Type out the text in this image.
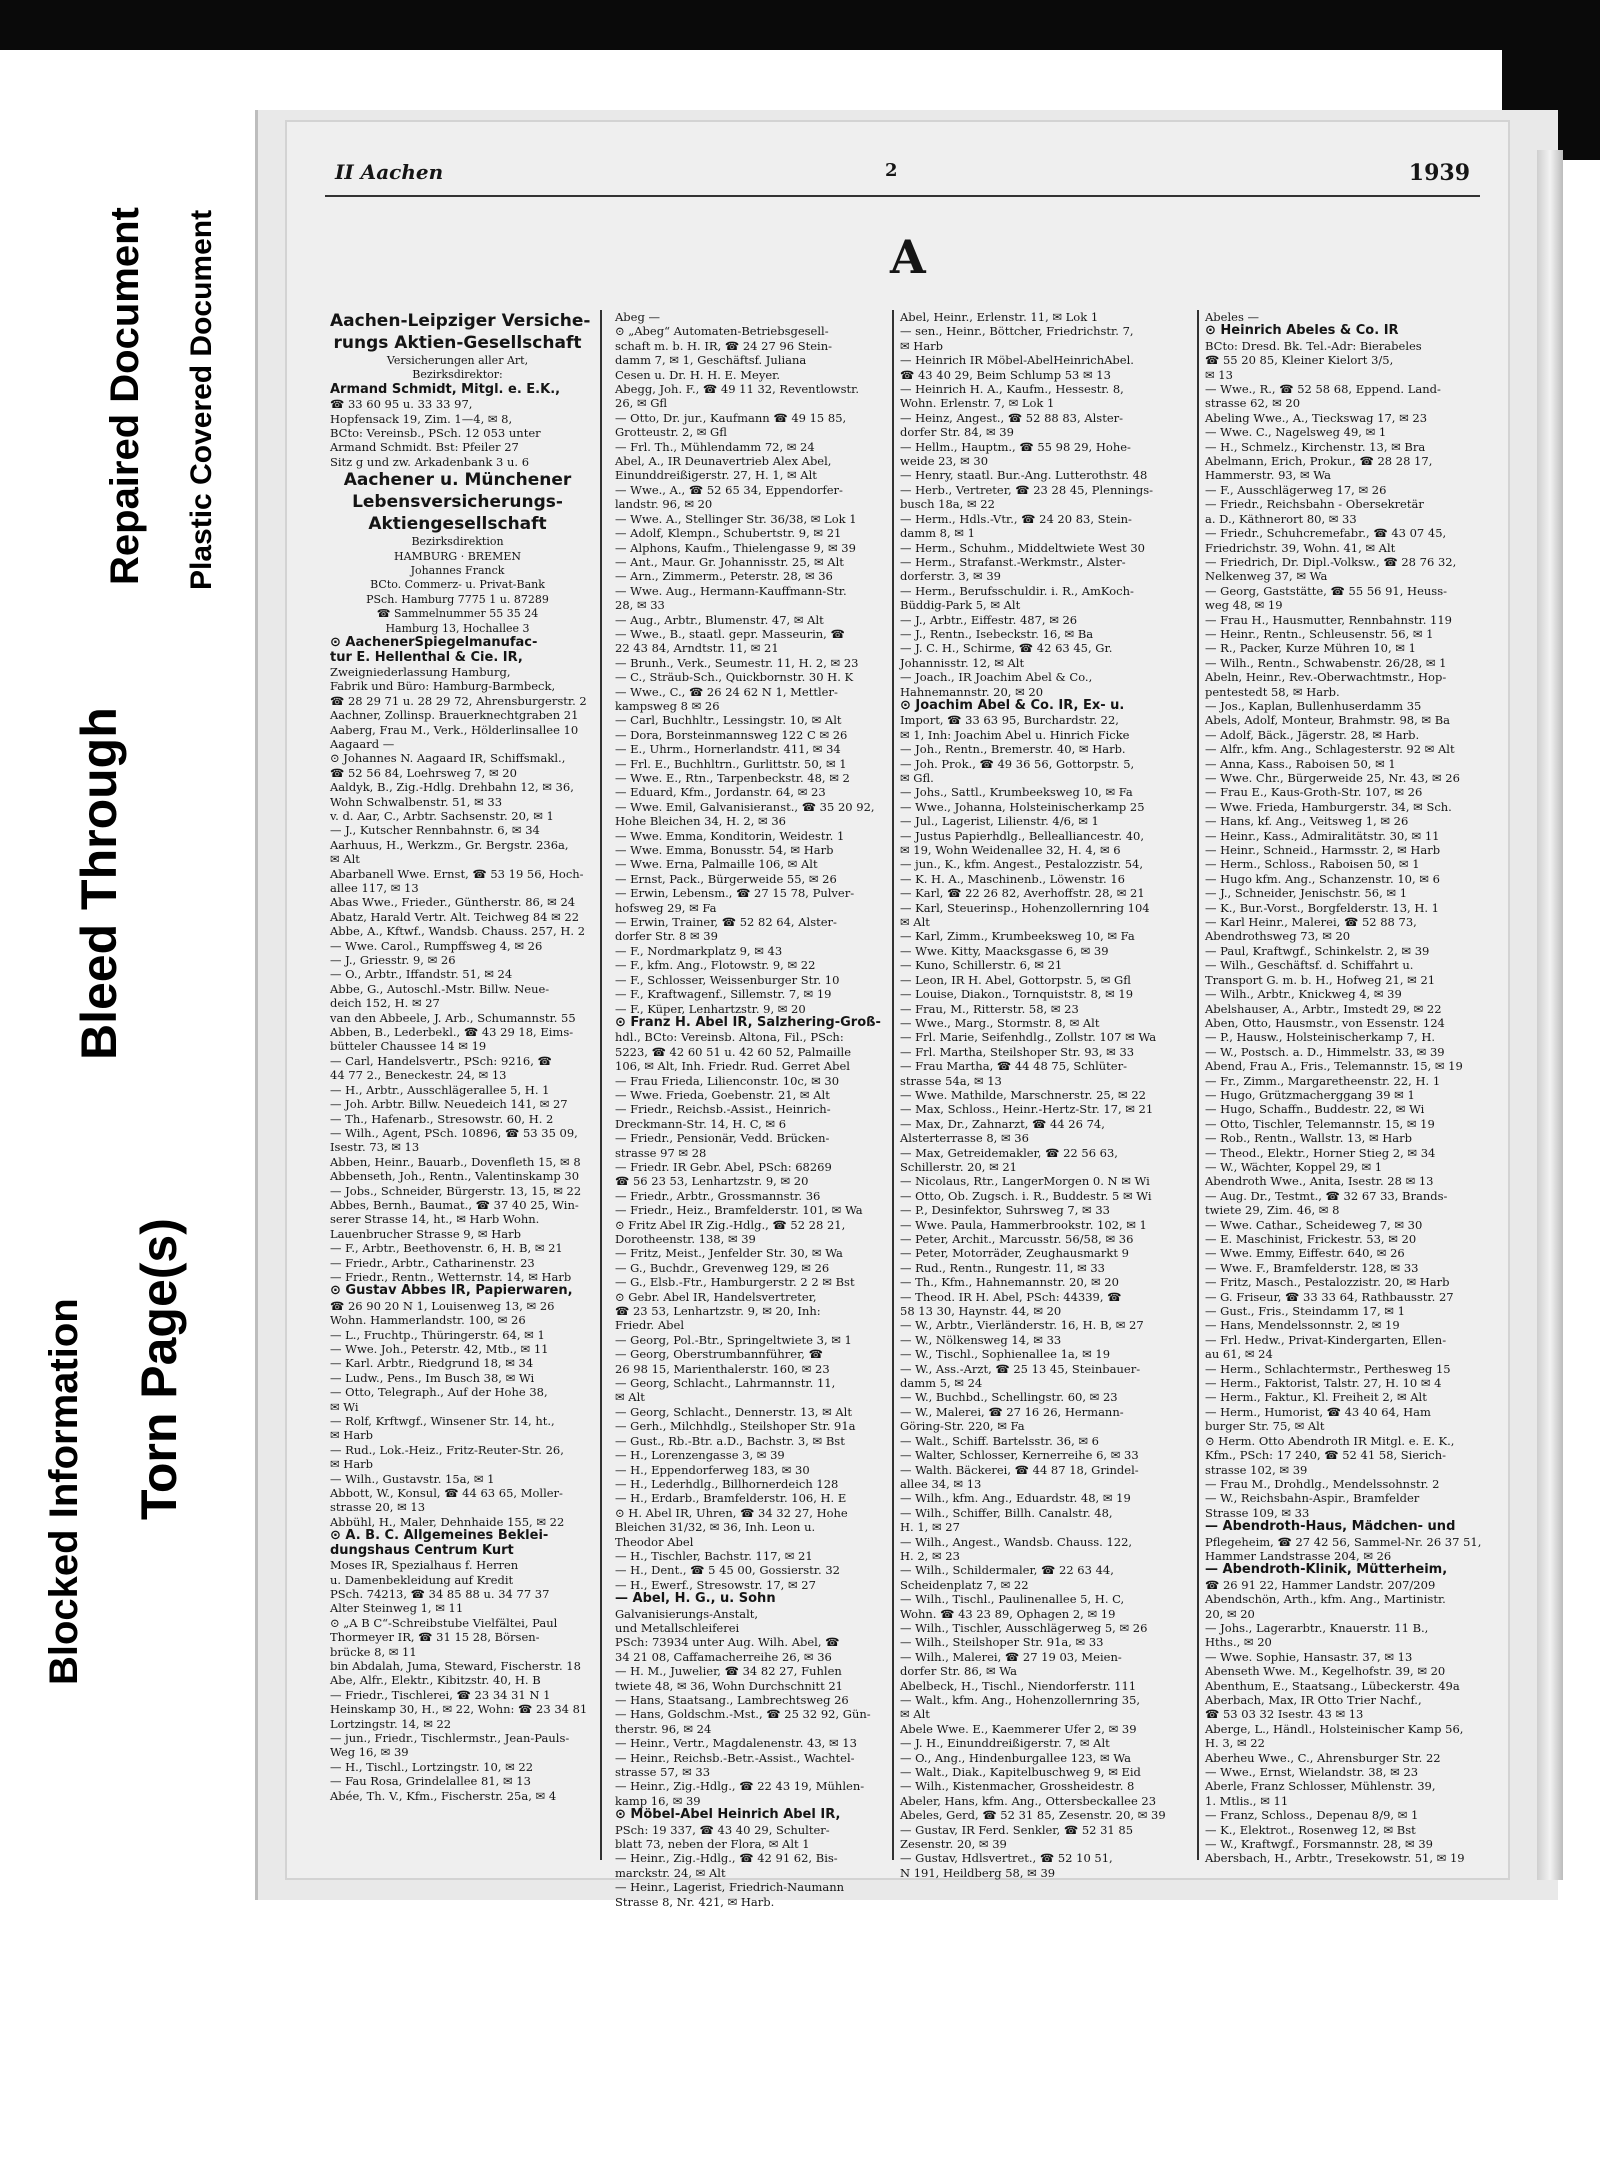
Blocked Information Torn Page(s)
Bleed Through
Repaired Document Plastic Covered Document
II Aachen	2	1939
A
Aachen-Leipziger Versiche-
rungs Aktien-Gesellschaft
Versicherungen aller Art,
Bezirksdirektor:
Armand Schmidt, Mitgl. e. E.K.,
☎ 33 60 95 u. 33 33 97,
Hopfensack 19, Zim. 1—4, ✉ 8,
BCto: Vereinsb., PSch. 12 053 unter
Armand Schmidt. Bst: Pfeiler 27
Sitz g und zw. Arkadenbank 3 u. 6
Aachener u. Münchener
Lebensversicherungs-
Aktiengesellschaft
Bezirksdirektion
HAMBURG · BREMEN
Johannes Franck
BCto. Commerz- u. Privat-Bank
PSch. Hamburg 7775 1 u. 87289
☎ Sammelnummer 55 35 24
Hamburg 13, Hochallee 3
⊙ AachenerSpiegelmanufac-
tur E. Hellenthal & Cie. IR,
Zweigniederlassung Hamburg,
Fabrik und Büro: Hamburg-Barmbeck,
☎ 28 29 71 u. 28 29 72, Ahrensburgerstr. 2
Aachner, Zollinsp. Brauerknechtgraben 21
Aaberg, Frau M., Verk., Hölderlinsallee 10
Aagaard —
⊙ Johannes N. Aagaard IR, Schiffsmakl.,
☎ 52 56 84, Loehrsweg 7, ✉ 20
Aaldyk, B., Zig.-Hdlg. Drehbahn 12, ✉ 36,
Wohn Schwalbenstr. 51, ✉ 33
v. d. Aar, C., Arbtr. Sachsenstr. 20, ✉ 1
— J., Kutscher Rennbahnstr. 6, ✉ 34
Aarhuus, H., Werkzm., Gr. Bergstr. 236a,
✉ Alt
Abarbanell Wwe. Ernst, ☎ 53 19 56, Hoch-
allee 117, ✉ 13
Abas Wwe., Frieder., Güntherstr. 86, ✉ 24
Abatz, Harald Vertr. Alt. Teichweg 84 ✉ 22
Abbe, A., Kftwf., Wandsb. Chauss. 257, H. 2
— Wwe. Carol., Rumpffsweg 4, ✉ 26
— J., Griesstr. 9, ✉ 26
— O., Arbtr., Iffandstr. 51, ✉ 24
Abbe, G., Autoschl.-Mstr. Billw. Neue-
deich 152, H. ✉ 27
van den Abbeele, J. Arb., Schumannstr. 55
Abben, B., Lederbekl., ☎ 43 29 18, Eims-
bütteler Chaussee 14 ✉ 19
— Carl, Handelsvertr., PSch: 9216, ☎
44 77 2., Beneckestr. 24, ✉ 13
— H., Arbtr., Ausschlägerallee 5, H. 1
— Joh. Arbtr. Billw. Neuedeich 141, ✉ 27
— Th., Hafenarb., Stresowstr. 60, H. 2
— Wilh., Agent, PSch. 10896, ☎ 53 35 09,
Isestr. 73, ✉ 13
Abben, Heinr., Bauarb., Dovenfleth 15, ✉ 8
Abbenseth, Joh., Rentn., Valentinskamp 30
— Jobs., Schneider, Bürgerstr. 13, 15, ✉ 22
Abbes, Bernh., Baumat., ☎ 37 40 25, Win-
serer Strasse 14, ht., ✉ Harb Wohn.
Lauenbrucher Strasse 9, ✉ Harb
— F., Arbtr., Beethovenstr. 6, H. B, ✉ 21
— Friedr., Arbtr., Catharinenstr. 23
— Friedr., Rentn., Wetternstr. 14, ✉ Harb
⊙ Gustav Abbes IR, Papierwaren,
☎ 26 90 20 N 1, Louisenweg 13, ✉ 26
Wohn. Hammerlandstr. 100, ✉ 26
— L., Fruchtp., Thüringerstr. 64, ✉ 1
— Wwe. Joh., Peterstr. 42, Mtb., ✉ 11
— Karl. Arbtr., Riedgrund 18, ✉ 34
— Ludw., Pens., Im Busch 38, ✉ Wi
— Otto, Telegraph., Auf der Hohe 38,
✉ Wi
— Rolf, Krftwgf., Winsener Str. 14, ht.,
✉ Harb
— Rud., Lok.-Heiz., Fritz-Reuter-Str. 26,
✉ Harb
— Wilh., Gustavstr. 15a, ✉ 1
Abbott, W., Konsul, ☎ 44 63 65, Moller-
strasse 20, ✉ 13
Abbühl, H., Maler, Dehnhaide 155, ✉ 22
⊙ A. B. C. Allgemeines Beklei-
dungshaus Centrum Kurt
Moses IR, Spezialhaus f. Herren
u. Damenbekleidung auf Kredit
PSch. 74213, ☎ 34 85 88 u. 34 77 37
Alter Steinweg 1, ✉ 11
⊙ „A B C“-Schreibstube Vielfältei, Paul
Thormeyer IR, ☎ 31 15 28, Börsen-
brücke 8, ✉ 11
bin Abdalah, Juma, Steward, Fischerstr. 18
Abe, Alfr., Elektr., Kibitzstr. 40, H. B
— Friedr., Tischlerei, ☎ 23 34 31 N 1
Heinskamp 30, H., ✉ 22, Wohn: ☎ 23 34 81
Lortzingstr. 14, ✉ 22
— jun., Friedr., Tischlermstr., Jean-Pauls-
Weg 16, ✉ 39
— H., Tischl., Lortzingstr. 10, ✉ 22
— Fau Rosa, Grindelallee 81, ✉ 13
Abée, Th. V., Kfm., Fischerstr. 25a, ✉ 4
Abeg —
⊙ „Abeg“ Automaten-Betriebsgesell-
schaft m. b. H. IR, ☎ 24 27 96 Stein-
damm 7, ✉ 1, Geschäftsf. Juliana
Cesen u. Dr. H. H. E. Meyer.
Abegg, Joh. F., ☎ 49 11 32, Reventlowstr.
26, ✉ Gfl
— Otto, Dr. jur., Kaufmann ☎ 49 15 85,
Grotteustr. 2, ✉ Gfl
— Frl. Th., Mühlendamm 72, ✉ 24
Abel, A., IR Deunavertrieb Alex Abel,
Einunddreißigerstr. 27, H. 1, ✉ Alt
— Wwe., A., ☎ 52 65 34, Eppendorfer-
landstr. 96, ✉ 20
— Wwe. A., Stellinger Str. 36/38, ✉ Lok 1
— Adolf, Klempn., Schubertstr. 9, ✉ 21
— Alphons, Kaufm., Thielengasse 9, ✉ 39
— Ant., Maur. Gr. Johannisstr. 25, ✉ Alt
— Arn., Zimmerm., Peterstr. 28, ✉ 36
— Wwe. Aug., Hermann-Kauffmann-Str.
28, ✉ 33
— Aug., Arbtr., Blumenstr. 47, ✉ Alt
— Wwe., B., staatl. gepr. Masseurin, ☎
22 43 84, Arndtstr. 11, ✉ 21
— Brunh., Verk., Seumestr. 11, H. 2, ✉ 23
— C., Sträub-Sch., Quickbornstr. 30 H. K
— Wwe., C., ☎ 26 24 62 N 1, Mettler-
kampsweg 8 ✉ 26
— Carl, Buchhltr., Lessingstr. 10, ✉ Alt
— Dora, Borsteinmannsweg 122 C ✉ 26
— E., Uhrm., Hornerlandstr. 411, ✉ 34
— Frl. E., Buchhltrn., Gurlittstr. 50, ✉ 1
— Wwe. E., Rtn., Tarpenbeckstr. 48, ✉ 2
— Eduard, Kfm., Jordanstr. 64, ✉ 23
— Wwe. Emil, Galvanisieranst., ☎ 35 20 92,
Hohe Bleichen 34, H. 2, ✉ 36
— Wwe. Emma, Konditorin, Weidestr. 1
— Wwe. Emma, Bonusstr. 54, ✉ Harb
— Wwe. Erna, Palmaille 106, ✉ Alt
— Ernst, Pack., Bürgerweide 55, ✉ 26
— Erwin, Lebensm., ☎ 27 15 78, Pulver-
hofsweg 29, ✉ Fa
— Erwin, Trainer, ☎ 52 82 64, Alster-
dorfer Str. 8 ✉ 39
— F., Nordmarkplatz 9, ✉ 43
— F., kfm. Ang., Flotowstr. 9, ✉ 22
— F., Schlosser, Weissenburger Str. 10
— F., Kraftwagenf., Sillemstr. 7, ✉ 19
— F., Küper, Lenhartzstr. 9, ✉ 20
⊙ Franz H. Abel IR, Salzhering-Groß-
hdl., BCto: Vereinsb. Altona, Fil., PSch:
5223, ☎ 42 60 51 u. 42 60 52, Palmaille
106, ✉ Alt, Inh. Friedr. Rud. Gerret Abel
— Frau Frieda, Lilienconstr. 10c, ✉ 30
— Wwe. Frieda, Goebenstr. 21, ✉ Alt
— Friedr., Reichsb.-Assist., Heinrich-
Dreckmann-Str. 14, H. C, ✉ 6
— Friedr., Pensionär, Vedd. Brücken-
strasse 97 ✉ 28
— Friedr. IR Gebr. Abel, PSch: 68269
☎ 56 23 53, Lenhartzstr. 9, ✉ 20
— Friedr., Arbtr., Grossmannstr. 36
— Friedr., Heiz., Bramfelderstr. 101, ✉ Wa
⊙ Fritz Abel IR Zig.-Hdlg., ☎ 52 28 21,
Dorotheenstr. 138, ✉ 39
— Fritz, Meist., Jenfelder Str. 30, ✉ Wa
— G., Buchdr., Grevenweg 129, ✉ 26
— G., Elsb.-Ftr., Hamburgerstr. 2 2 ✉ Bst
⊙ Gebr. Abel IR, Handelsvertreter,
☎ 23 53, Lenhartzstr. 9, ✉ 20, Inh:
Friedr. Abel
— Georg, Pol.-Btr., Springeltwiete 3, ✉ 1
— Georg, Oberstrumbannführer, ☎
26 98 15, Marienthalerstr. 160, ✉ 23
— Georg, Schlacht., Lahrmannstr. 11,
✉ Alt
— Georg, Schlacht., Dennerstr. 13, ✉ Alt
— Gerh., Milchhdlg., Steilshoper Str. 91a
— Gust., Rb.-Btr. a.D., Bachstr. 3, ✉ Bst
— H., Lorenzengasse 3, ✉ 39
— H., Eppendorferweg 183, ✉ 30
— H., Lederhdlg., Billhornerdeich 128
— H., Erdarb., Bramfelderstr. 106, H. E
⊙ H. Abel IR, Uhren, ☎ 34 32 27, Hohe
Bleichen 31/32, ✉ 36, Inh. Leon u.
Theodor Abel
— H., Tischler, Bachstr. 117, ✉ 21
— H., Dent., ☎ 5 45 00, Gossierstr. 32
— H., Ewerf., Stresowstr. 17, ✉ 27
— Abel, H. G., u. Sohn
Galvanisierungs-Anstalt,
und Metallschleiferei
PSch: 73934 unter Aug. Wilh. Abel, ☎
34 21 08, Caffamacherreihe 26, ✉ 36
— H. M., Juwelier, ☎ 34 82 27, Fuhlen
twiete 48, ✉ 36, Wohn Durchschnitt 21
— Hans, Staatsang., Lambrechtsweg 26
— Hans, Goldschm.-Mst., ☎ 25 32 92, Gün-
therstr. 96, ✉ 24
— Heinr., Vertr., Magdalenenstr. 43, ✉ 13
— Heinr., Reichsb.-Betr.-Assist., Wachtel-
strasse 57, ✉ 33
— Heinr., Zig.-Hdlg., ☎ 22 43 19, Mühlen-
kamp 16, ✉ 39
⊙ Möbel-Abel Heinrich Abel IR,
PSch: 19 337, ☎ 43 40 29, Schulter-
blatt 73, neben der Flora, ✉ Alt 1
— Heinr., Zig.-Hdlg., ☎ 42 91 62, Bis-
marckstr. 24, ✉ Alt
— Heinr., Lagerist, Friedrich-Naumann
Strasse 8, Nr. 421, ✉ Harb.
Abel, Heinr., Erlenstr. 11, ✉ Lok 1
— sen., Heinr., Böttcher, Friedrichstr. 7,
✉ Harb
— Heinrich IR Möbel-AbelHeinrichAbel.
☎ 43 40 29, Beim Schlump 53 ✉ 13
— Heinrich H. A., Kaufm., Hessestr. 8,
Wohn. Erlenstr. 7, ✉ Lok 1
— Heinz, Angest., ☎ 52 88 83, Alster-
dorfer Str. 84, ✉ 39
— Hellm., Hauptm., ☎ 55 98 29, Hohe-
weide 23, ✉ 30
— Henry, staatl. Bur.-Ang. Lutterothstr. 48
— Herb., Vertreter, ☎ 23 28 45, Plennings-
busch 18a, ✉ 22
— Herm., Hdls.-Vtr., ☎ 24 20 83, Stein-
damm 8, ✉ 1
— Herm., Schuhm., Middeltwiete West 30
— Herm., Strafanst.-Werkmstr., Alster-
dorferstr. 3, ✉ 39
— Herm., Berufsschuldir. i. R., AmKoch-
Büddig-Park 5, ✉ Alt
— J., Arbtr., Eiffestr. 487, ✉ 26
— J., Rentn., Isebeckstr. 16, ✉ Ba
— J. C. H., Schirme, ☎ 42 63 45, Gr.
Johannisstr. 12, ✉ Alt
— Joach., IR Joachim Abel & Co.,
Hahnemannstr. 20, ✉ 20
⊙ Joachim Abel & Co. IR, Ex- u.
Import, ☎ 33 63 95, Burchardstr. 22,
✉ 1, Inh: Joachim Abel u. Hinrich Ficke
— Joh., Rentn., Bremerstr. 40, ✉ Harb.
— Joh. Prok., ☎ 49 36 56, Gottorpstr. 5,
✉ Gfl.
— Johs., Sattl., Krumbeeksweg 10, ✉ Fa
— Wwe., Johanna, Holsteinischerkamp 25
— Jul., Lagerist, Lilienstr. 4/6, ✉ 1
— Justus Papierhdlg., Bellealliancestr. 40,
✉ 19, Wohn Weidenallee 32, H. 4, ✉ 6
— jun., K., kfm. Angest., Pestalozzistr. 54,
— K. H. A., Maschinenb., Löwenstr. 16
— Karl, ☎ 22 26 82, Averhoffstr. 28, ✉ 21
— Karl, Steuerinsp., Hohenzollernring 104
✉ Alt
— Karl, Zimm., Krumbeeksweg 10, ✉ Fa
— Wwe. Kitty, Maacksgasse 6, ✉ 39
— Kuno, Schillerstr. 6, ✉ 21
— Leon, IR H. Abel, Gottorpstr. 5, ✉ Gfl
— Louise, Diakon., Tornquiststr. 8, ✉ 19
— Frau, M., Ritterstr. 58, ✉ 23
— Wwe., Marg., Stormstr. 8, ✉ Alt
— Frl. Marie, Seifenhdlg., Zollstr. 107 ✉ Wa
— Frl. Martha, Steilshoper Str. 93, ✉ 33
— Frau Martha, ☎ 44 48 75, Schlüter-
strasse 54a, ✉ 13
— Wwe. Mathilde, Marschnerstr. 25, ✉ 22
— Max, Schloss., Heinr.-Hertz-Str. 17, ✉ 21
— Max, Dr., Zahnarzt, ☎ 44 26 74,
Alsterterrasse 8, ✉ 36
— Max, Getreidemakler, ☎ 22 56 63,
Schillerstr. 20, ✉ 21
— Nicolaus, Rtr., LangerMorgen 0. N ✉ Wi
— Otto, Ob. Zugsch. i. R., Buddestr. 5 ✉ Wi
— P., Desinfektor, Suhrsweg 7, ✉ 33
— Wwe. Paula, Hammerbrookstr. 102, ✉ 1
— Peter, Archit., Marcusstr. 56/58, ✉ 36
— Peter, Motorräder, Zeughausmarkt 9
— Rud., Rentn., Rungestr. 11, ✉ 33
— Th., Kfm., Hahnemannstr. 20, ✉ 20
— Theod. IR H. Abel, PSch: 44339, ☎
58 13 30, Haynstr. 44, ✉ 20
— W., Arbtr., Vierländerstr. 16, H. B, ✉ 27
— W., Nölkensweg 14, ✉ 33
— W., Tischl., Sophienallee 1a, ✉ 19
— W., Ass.-Arzt, ☎ 25 13 45, Steinbauer-
damm 5, ✉ 24
— W., Buchbd., Schellingstr. 60, ✉ 23
— W., Malerei, ☎ 27 16 26, Hermann-
Göring-Str. 220, ✉ Fa
— Walt., Schiff. Bartelsstr. 36, ✉ 6
— Walter, Schlosser, Kernerreihe 6, ✉ 33
— Walth. Bäckerei, ☎ 44 87 18, Grindel-
allee 34, ✉ 13
— Wilh., kfm. Ang., Eduardstr. 48, ✉ 19
— Wilh., Schiffer, Billh. Canalstr. 48,
H. 1, ✉ 27
— Wilh., Angest., Wandsb. Chauss. 122,
H. 2, ✉ 23
— Wilh., Schildermaler, ☎ 22 63 44,
Scheidenplatz 7, ✉ 22
— Wilh., Tischl., Paulinenallee 5, H. C,
Wohn. ☎ 43 23 89, Ophagen 2, ✉ 19
— Wilh., Tischler, Ausschlägerweg 5, ✉ 26
— Wilh., Steilshoper Str. 91a, ✉ 33
— Wilh., Malerei, ☎ 27 19 03, Meien-
dorfer Str. 86, ✉ Wa
Abelbeck, H., Tischl., Niendorferstr. 111
— Walt., kfm. Ang., Hohenzollernring 35,
✉ Alt
Abele Wwe. E., Kaemmerer Ufer 2, ✉ 39
— J. H., Einunddreißigerstr. 7, ✉ Alt
— O., Ang., Hindenburgallee 123, ✉ Wa
— Walt., Diak., Kapitelbuschweg 9, ✉ Eid
— Wilh., Kistenmacher, Grossheidestr. 8
Abeler, Hans, kfm. Ang., Ottersbeckallee 23
Abeles, Gerd, ☎ 52 31 85, Zesenstr. 20, ✉ 39
— Gustav, IR Ferd. Senkler, ☎ 52 31 85
Zesenstr. 20, ✉ 39
— Gustav, Hdlsvertret., ☎ 52 10 51,
N 191, Heildberg 58, ✉ 39
Abeles —
⊙ Heinrich Abeles & Co. IR
BCto: Dresd. Bk. Tel.-Adr: Bierabeles
☎ 55 20 85, Kleiner Kielort 3/5,
✉ 13
— Wwe., R., ☎ 52 58 68, Eppend. Land-
strasse 62, ✉ 20
Abeling Wwe., A., Tieckswag 17, ✉ 23
— Wwe. C., Nagelsweg 49, ✉ 1
— H., Schmelz., Kirchenstr. 13, ✉ Bra
Abelmann, Erich, Prokur., ☎ 28 28 17,
Hammerstr. 93, ✉ Wa
— F., Ausschlägerweg 17, ✉ 26
— Friedr., Reichsbahn - Obersekretär
a. D., Käthnerort 80, ✉ 33
— Friedr., Schuhcremefabr., ☎ 43 07 45,
Friedrichstr. 39, Wohn. 41, ✉ Alt
— Friedrich, Dr. Dipl.-Volksw., ☎ 28 76 32,
Nelkenweg 37, ✉ Wa
— Georg, Gaststätte, ☎ 55 56 91, Heuss-
weg 48, ✉ 19
— Frau H., Hausmutter, Rennbahnstr. 119
— Heinr., Rentn., Schleusenstr. 56, ✉ 1
— R., Packer, Kurze Mühren 10, ✉ 1
— Wilh., Rentn., Schwabenstr. 26/28, ✉ 1
Abeln, Heinr., Rev.-Oberwachtmstr., Hop-
pentestedt 58, ✉ Harb.
— Jos., Kaplan, Bullenhuserdamm 35
Abels, Adolf, Monteur, Brahmstr. 98, ✉ Ba
— Adolf, Bäck., Jägerstr. 28, ✉ Harb.
— Alfr., kfm. Ang., Schlagesterstr. 92 ✉ Alt
— Anna, Kass., Raboisen 50, ✉ 1
— Wwe. Chr., Bürgerweide 25, Nr. 43, ✉ 26
— Frau E., Kaus-Groth-Str. 107, ✉ 26
— Wwe. Frieda, Hamburgerstr. 34, ✉ Sch.
— Hans, kf. Ang., Veitsweg 1, ✉ 26
— Heinr., Kass., Admiralitätstr. 30, ✉ 11
— Heinr., Schneid., Harmsstr. 2, ✉ Harb
— Herm., Schloss., Raboisen 50, ✉ 1
— Hugo kfm. Ang., Schanzenstr. 10, ✉ 6
— J., Schneider, Jenischstr. 56, ✉ 1
— K., Bur.-Vorst., Borgfelderstr. 13, H. 1
— Karl Heinr., Malerei, ☎ 52 88 73,
Abendrothsweg 73, ✉ 20
— Paul, Kraftwgf., Schinkelstr. 2, ✉ 39
— Wilh., Geschäftsf. d. Schiffahrt u.
Transport G. m. b. H., Hofweg 21, ✉ 21
— Wilh., Arbtr., Knickweg 4, ✉ 39
Abelshauser, A., Arbtr., Imstedt 29, ✉ 22
Aben, Otto, Hausmstr., von Essenstr. 124
— P., Hausw., Holsteinischerkamp 7, H.
— W., Postsch. a. D., Himmelstr. 33, ✉ 39
Abend, Frau A., Fris., Telemannstr. 15, ✉ 19
— Fr., Zimm., Margaretheenstr. 22, H. 1
— Hugo, Grützmacherggang 39 ✉ 1
— Hugo, Schaffn., Buddestr. 22, ✉ Wi
— Otto, Tischler, Telemannstr. 15, ✉ 19
— Rob., Rentn., Wallstr. 13, ✉ Harb
— Theod., Elektr., Horner Stieg 2, ✉ 34
— W., Wächter, Koppel 29, ✉ 1
Abendroth Wwe., Anita, Isestr. 28 ✉ 13
— Aug. Dr., Testmt., ☎ 32 67 33, Brands-
twiete 29, Zim. 46, ✉ 8
— Wwe. Cathar., Scheideweg 7, ✉ 30
— E. Maschinist, Frickestr. 53, ✉ 20
— Wwe. Emmy, Eiffestr. 640, ✉ 26
— Wwe. F., Bramfelderstr. 128, ✉ 33
— Fritz, Masch., Pestalozzistr. 20, ✉ Harb
— G. Friseur, ☎ 33 33 64, Rathbausstr. 27
— Gust., Fris., Steindamm 17, ✉ 1
— Hans, Mendelssonnstr. 2, ✉ 19
— Frl. Hedw., Privat-Kindergarten, Ellen-
au 61, ✉ 24
— Herm., Schlachtermstr., Perthesweg 15
— Herm., Faktorist, Talstr. 27, H. 10 ✉ 4
— Herm., Faktur., Kl. Freiheit 2, ✉ Alt
— Herm., Humorist, ☎ 43 40 64, Ham
burger Str. 75, ✉ Alt
⊙ Herm. Otto Abendroth IR Mitgl. e. E. K.,
Kfm., PSch: 17 240, ☎ 52 41 58, Sierich-
strasse 102, ✉ 39
— Frau M., Drohdlg., Mendelssohnstr. 2
— W., Reichsbahn-Aspir., Bramfelder
Strasse 109, ✉ 33
— Abendroth-Haus, Mädchen- und
Pflegeheim, ☎ 27 42 56, Sammel-Nr. 26 37 51,
Hammer Landstrasse 204, ✉ 26
— Abendroth-Klinik, Mütterheim,
☎ 26 91 22, Hammer Landstr. 207/209
Abendschön, Arth., kfm. Ang., Martinistr.
20, ✉ 20
— Johs., Lagerarbtr., Knauerstr. 11 B.,
Hths., ✉ 20
— Wwe. Sophie, Hansastr. 37, ✉ 13
Abenseth Wwe. M., Kegelhofstr. 39, ✉ 20
Abenthum, E., Staatsang., Lübeckerstr. 49a
Aberbach, Max, IR Otto Trier Nachf.,
☎ 53 03 32 Isestr. 43 ✉ 13
Aberge, L., Händl., Holsteinischer Kamp 56,
H. 3, ✉ 22
Aberheu Wwe., C., Ahrensburger Str. 22
— Wwe., Ernst, Wielandstr. 38, ✉ 23
Aberle, Franz Schlosser, Mühlenstr. 39,
1. Mtlis., ✉ 11
— Franz, Schloss., Depenau 8/9, ✉ 1
— K., Elektrot., Rosenweg 12, ✉ Bst
— W., Kraftwgf., Forsmannstr. 28, ✉ 39
Abersbach, H., Arbtr., Tresekowstr. 51, ✉ 19
